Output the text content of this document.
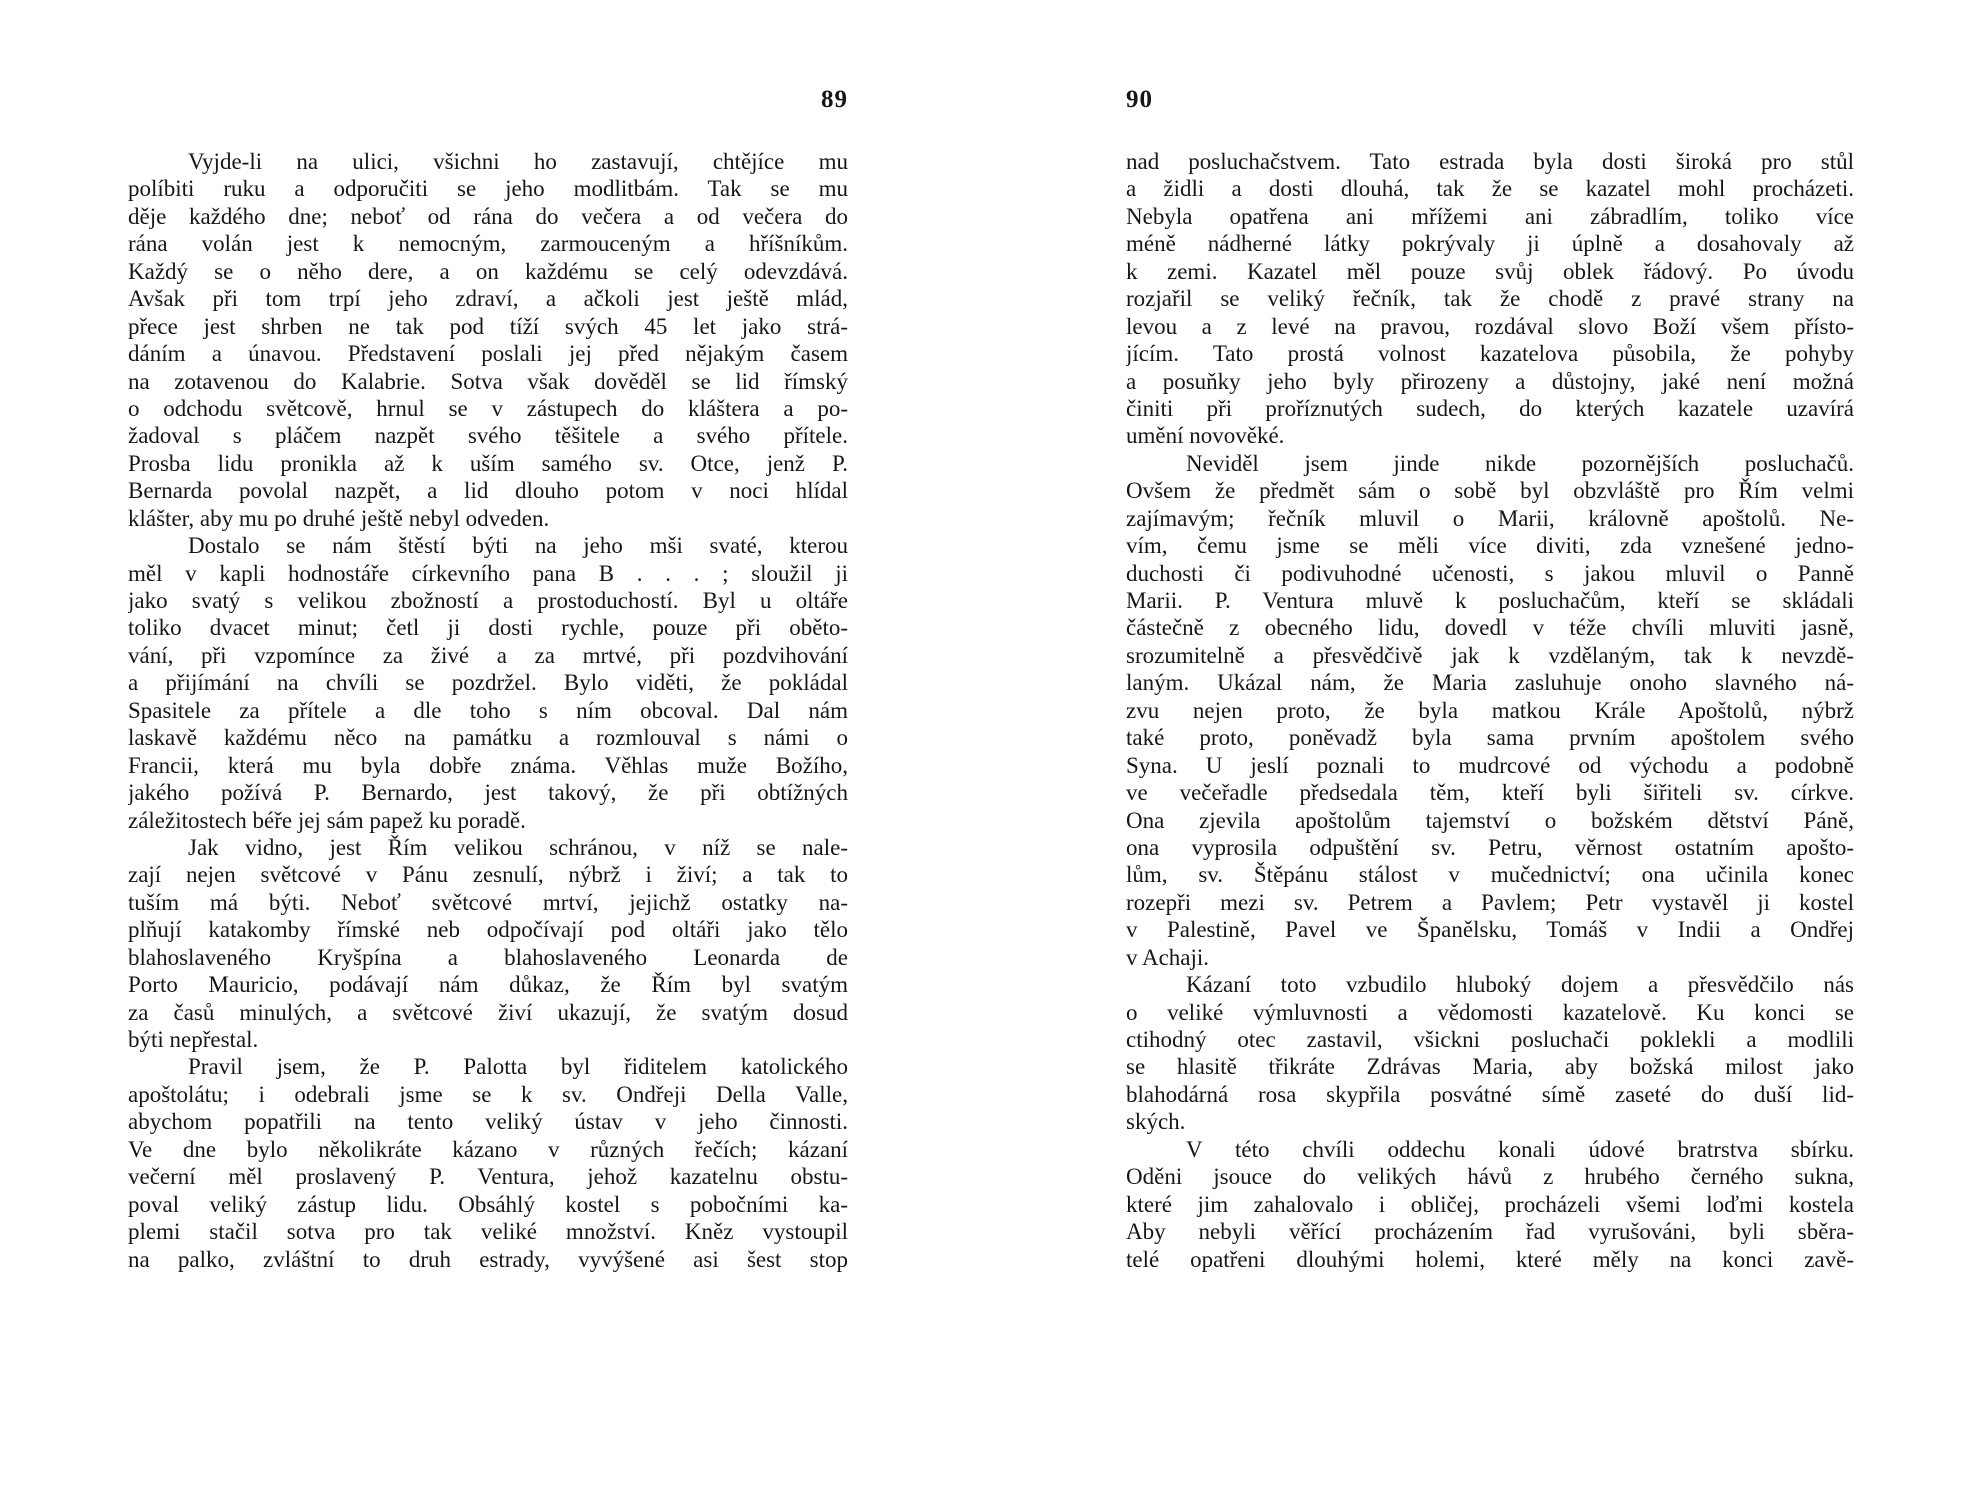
89
Vyjde-li na ulici, všichni ho zastavují, chtějíce mu
políbiti ruku a odporučiti se jeho modlitbám. Tak se mu
děje každého dne; neboť od rána do večera a od večera do
rána volán jest k nemocným, zarmouceným a hříšníkům.
Každý se o něho dere, a on každému se celý odevzdává.
Avšak při tom trpí jeho zdraví, a ačkoli jest ještě mlád,
přece jest shrben ne tak pod tíží svých 45 let jako strá-
dáním a únavou. Představení poslali jej před nějakým časem
na zotavenou do Kalabrie. Sotva však dověděl se lid římský
o odchodu světcově, hrnul se v zástupech do kláštera a po-
žadoval s pláčem nazpět svého těšitele a svého přítele.
Prosba lidu pronikla až k uším samého sv. Otce, jenž P.
Bernarda povolal nazpět, a lid dlouho potom v noci hlídal
klášter, aby mu po druhé ještě nebyl odveden.
Dostalo se nám štěstí býti na jeho mši svaté, kterou
měl v kapli hodnostáře církevního pana B . . . ; sloužil ji
jako svatý s velikou zbožností a prostoduchostí. Byl u oltáře
toliko dvacet minut; četl ji dosti rychle, pouze při oběto-
vání, při vzpomínce za živé a za mrtvé, při pozdvihování
a přijímání na chvíli se pozdržel. Bylo viděti, že pokládal
Spasitele za přítele a dle toho s ním obcoval. Dal nám
laskavě každému něco na památku a rozmlouval s námi o
Francii, která mu byla dobře známa. Věhlas muže Božího,
jakého požívá P. Bernardo, jest takový, že při obtížných
záležitostech béře jej sám papež ku poradě.
Jak vidno, jest Řím velikou schránou, v níž se nale-
zají nejen světcové v Pánu zesnulí, nýbrž i živí; a tak to
tuším má býti. Neboť světcové mrtví, jejichž ostatky na-
plňují katakomby římské neb odpočívají pod oltáři jako tělo
blahoslaveného Kryšpína a blahoslaveného Leonarda de
Porto Mauricio, podávají nám důkaz, že Řím byl svatým
za časů minulých, a světcové živí ukazují, že svatým dosud
býti nepřestal.
Pravil jsem, že P. Palotta byl řiditelem katolického
apoštolátu; i odebrali jsme se k sv. Ondřeji Della Valle,
abychom popatřili na tento veliký ústav v jeho činnosti.
Ve dne bylo několikráte kázano v různých řečích; kázaní
večerní měl proslavený P. Ventura, jehož kazatelnu obstu-
poval veliký zástup lidu. Obsáhlý kostel s pobočními ka-
plemi stačil sotva pro tak veliké množství. Kněz vystoupil
na palko, zvláštní to druh estrady, vyvýšené asi šest stop
90
nad posluchačstvem. Tato estrada byla dosti široká pro stůl
a židli a dosti dlouhá, tak že se kazatel mohl procházeti.
Nebyla opatřena ani mřížemi ani zábradlím, toliko více
méně nádherné látky pokrývaly ji úplně a dosahovaly až
k zemi. Kazatel měl pouze svůj oblek řádový. Po úvodu
rozjařil se veliký řečník, tak že chodě z pravé strany na
levou a z levé na pravou, rozdával slovo Boží všem přísto-
jícím. Tato prostá volnost kazatelova působila, že pohyby
a posuňky jeho byly přirozeny a důstojny, jaké není možná
činiti při proříznutých sudech, do kterých kazatele uzavírá
umění novověké.
Neviděl jsem jinde nikde pozornějších posluchačů.
Ovšem že předmět sám o sobě byl obzvláště pro Řím velmi
zajímavým; řečník mluvil o Marii, královně apoštolů. Ne-
vím, čemu jsme se měli více diviti, zda vznešené jedno-
duchosti či podivuhodné učenosti, s jakou mluvil o Panně
Marii. P. Ventura mluvě k posluchačům, kteří se skládali
částečně z obecného lidu, dovedl v téže chvíli mluviti jasně,
srozumitelně a přesvědčivě jak k vzdělaným, tak k nevzdě-
laným. Ukázal nám, že Maria zasluhuje onoho slavného ná-
zvu nejen proto, že byla matkou Krále Apoštolů, nýbrž
také proto, poněvadž byla sama prvním apoštolem svého
Syna. U jeslí poznali to mudrcové od východu a podobně
ve večeřadle předsedala těm, kteří byli šiřiteli sv. církve.
Ona zjevila apoštolům tajemství o božském dětství Páně,
ona vyprosila odpuštění sv. Petru, věrnost ostatním apošto-
lům, sv. Štěpánu stálost v mučednictví; ona učinila konec
rozepři mezi sv. Petrem a Pavlem; Petr vystavěl ji kostel
v Palestině, Pavel ve Španělsku, Tomáš v Indii a Ondřej
v Achaji.
Kázaní toto vzbudilo hluboký dojem a přesvědčilo nás
o veliké výmluvnosti a vědomosti kazatelově. Ku konci se
ctihodný otec zastavil, všickni posluchači poklekli a modlili
se hlasitě třikráte Zdrávas Maria, aby božská milost jako
blahodárná rosa skypřila posvátné símě zaseté do duší lid-
ských.
V této chvíli oddechu konali údové bratrstva sbírku.
Oděni jsouce do velikých hávů z hrubého černého sukna,
které jim zahalovalo i obličej, procházeli všemi loďmi kostela
Aby nebyli věřící procházením řad vyrušováni, byli sběra-
telé opatřeni dlouhými holemi, které měly na konci zavě-
